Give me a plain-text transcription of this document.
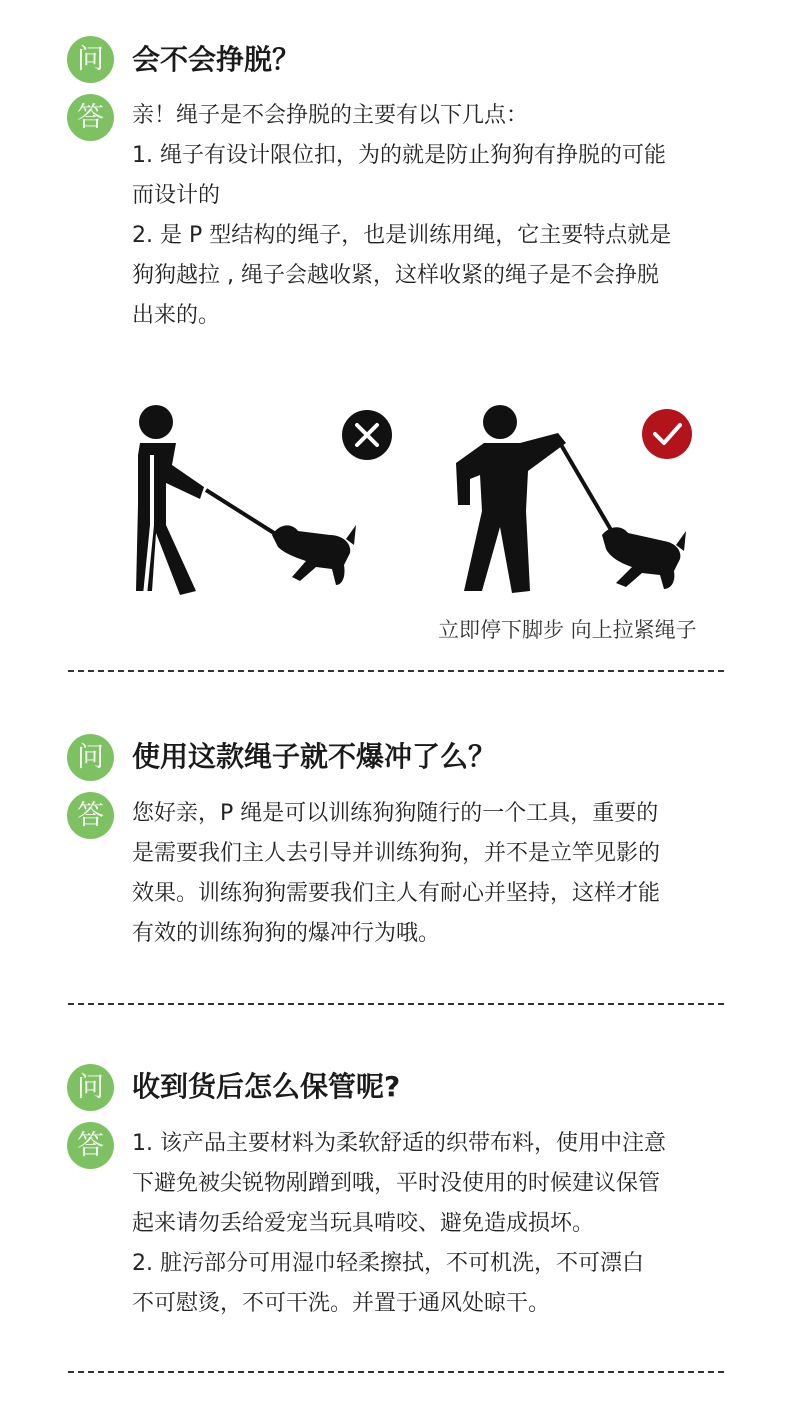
问	会不会挣脱？
答	亲！绳子是不会挣脱的主要有以下几点：

1. 绳子有设计限位扣，为的就是防止狗狗有挣脱的可能

而设计的

2. 是 P 型结构的绳子，也是训练用绳，它主要特点就是

狗狗越拉 , 绳子会越收紧，这样收紧的绳子是不会挣脱

出来的。

立即停下脚步 向上拉紧绳子
问	使用这款绳子就不爆冲了么？
答	您好亲，P 绳是可以训练狗狗随行的一个工具，重要的

是需要我们主人去引导并训练狗狗，并不是立竿见影的

效果。训练狗狗需要我们主人有耐心并坚持，这样才能

有效的训练狗狗的爆冲行为哦。

问	收到货后怎么保管呢?
答	1. 该产品主要材料为柔软舒适的织带布料，使用中注意

下避免被尖锐物剐蹭到哦，平时没使用的时候建议保管

起来请勿丢给爱宠当玩具啃咬、避免造成损坏。

2. 脏污部分可用湿巾轻柔擦拭，不可机洗，不可漂白

不可慰烫，不可干洗。并置于通风处晾干。
